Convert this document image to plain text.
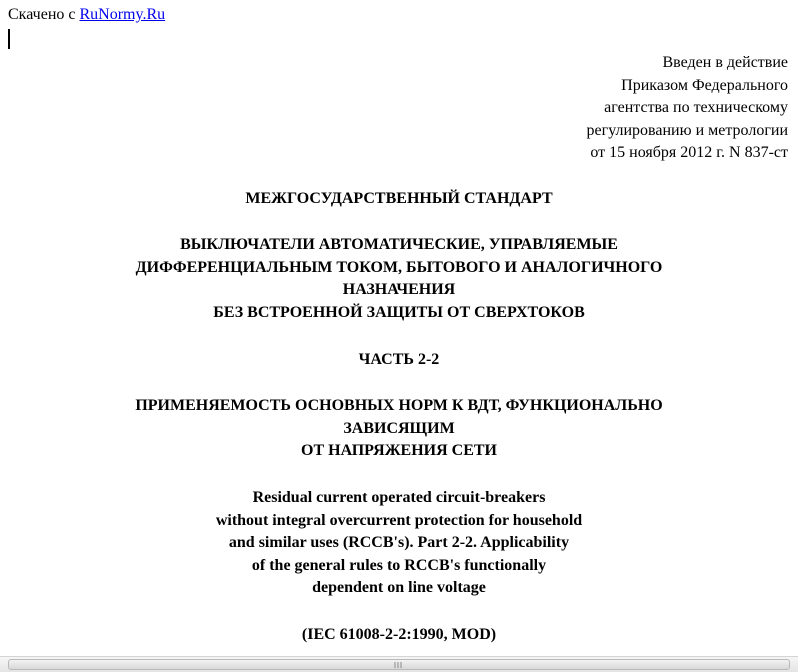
Скачено с RuNormy.Ru
Введен в действие
Приказом Федерального
агентства по техническому
регулированию и метрологии
от 15 ноября 2012 г. N 837-ст
МЕЖГОСУДАРСТВЕННЫЙ СТАНДАРТ
ВЫКЛЮЧАТЕЛИ АВТОМАТИЧЕСКИЕ, УПРАВЛЯЕМЫЕ
ДИФФЕРЕНЦИАЛЬНЫМ ТОКОМ, БЫТОВОГО И АНАЛОГИЧНОГО
НАЗНАЧЕНИЯ
БЕЗ ВСТРОЕННОЙ ЗАЩИТЫ ОТ СВЕРХТОКОВ
ЧАСТЬ 2-2
ПРИМЕНЯЕМОСТЬ ОСНОВНЫХ НОРМ К ВДТ, ФУНКЦИОНАЛЬНО
ЗАВИСЯЩИМ
ОТ НАПРЯЖЕНИЯ СЕТИ
Residual current operated circuit-breakers
without integral overcurrent protection for household
and similar uses (RCCB's). Part 2-2. Applicability
of the general rules to RCCB's functionally
dependent on line voltage
(IEC 61008-2-2:1990, MOD)
